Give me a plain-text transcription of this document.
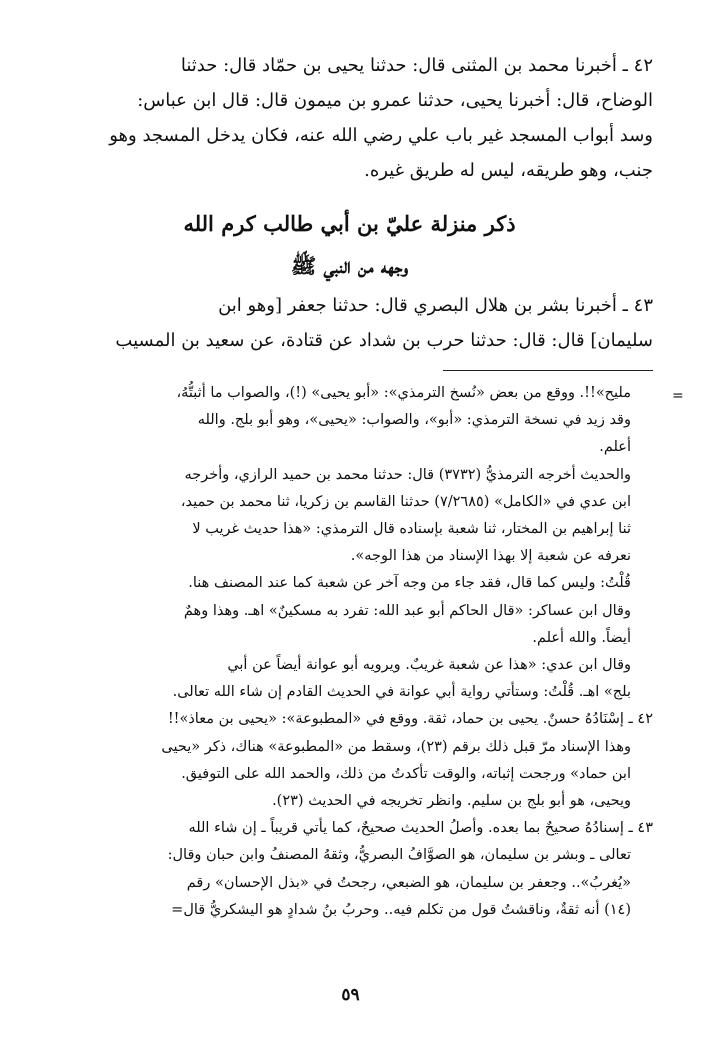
٤٢ ـ أخبرنا محمد بن المثنى قال: حدثنا يحيى بن حمّاد قال: حدثنا

الوضاح، قال: أخبرنا يحيى، حدثنا عمرو بن ميمون قال: قال ابن عباس:

وسد أبواب المسجد غير باب علي رضي الله عنه، فكان يدخل المسجد وهو

جنب، وهو طريقه، ليس له طريق غيره.

ذكر منزلة عليّ بن أبي طالب كرم الله
وجهه من النبي ﷺ

٤٣ ـ أخبرنا بشر بن هلال البصري قال: حدثنا جعفر [وهو ابن

سليمان] قال: قال: حدثنا حرب بن شداد عن قتادة، عن سعيد بن المسيب

=

مليح»!!. ووقع من بعض «نُسخ الترمذي»: «أبو يحيى» (!)، والصواب ما أثبتُّهُ،

وقد زيد في نسخة الترمذي: «أبو»، والصواب: «يحيى»، وهو أبو بلج. والله

أعلم.

والحديث أخرجه الترمذيُّ (٣٧٣٢) قال: حدثنا محمد بن حميد الرازي، وأخرجه

ابن عدي في «الكامل» (٧/٢٦٨٥) حدثنا القاسم بن زكريا، ثنا محمد بن حميد،

ثنا إبراهيم بن المختار، ثنا شعبة بإسناده قال الترمذي: «هذا حديث غريب لا

نعرفه عن شعبة إلا بهذا الإسناد من هذا الوجه».

قُلْتُ: وليس كما قال، فقد جاء من وجه آخر عن شعبة كما عند المصنف هنا.

وقال ابن عساكر: «قال الحاكم أبو عبد الله: تفرد به مسكينٌ» اهـ. وهذا وهمٌ

أيضاً. والله أعلم.

وقال ابن عدي: «هذا عن شعبة غريبٌ. ويرويه أبو عوانة أيضاً عن أبي

بلج» اهـ. قُلْتُ: وستأتي رواية أبي عوانة في الحديث القادم إن شاء الله تعالى.

٤٢ ـ إسْنَادُهُ حسنٌ. يحيى بن حماد، ثقة. ووقع في «المطبوعة»: «يحيى بن معاذ»!!

وهذا الإسناد مرّ قبل ذلك برقم (٢٣)، وسقط من «المطبوعة» هناك، ذكر «يحيى

ابن حماد» ورجحت إثباته، والوقت تأكدتُ من ذلك، والحمد الله على التوفيق.

ويحيى، هو أبو بلج بن سليم. وانظر تخريجه في الحديث (٢٣).

٤٣ ـ إسنادُهُ صحيحٌ بما بعده. وأصلُ الحديث صحيحٌ، كما يأتي قريباً ـ إن شاء الله

تعالى ـ وبشر بن سليمان، هو الصوَّافُ البصريُّ، وثقهُ المصنفُ وابن حبان وقال:

«يُغربُ».. وجعفر بن سليمان، هو الضبعي، رجحتُ في «بذل الإحسان» رقم

(١٤) أنه ثقةٌ، وناقشتُ قول من تكلم فيه.. وحربُ بنُ شدادٍ هو اليشكريُّ قال=

٥٩
